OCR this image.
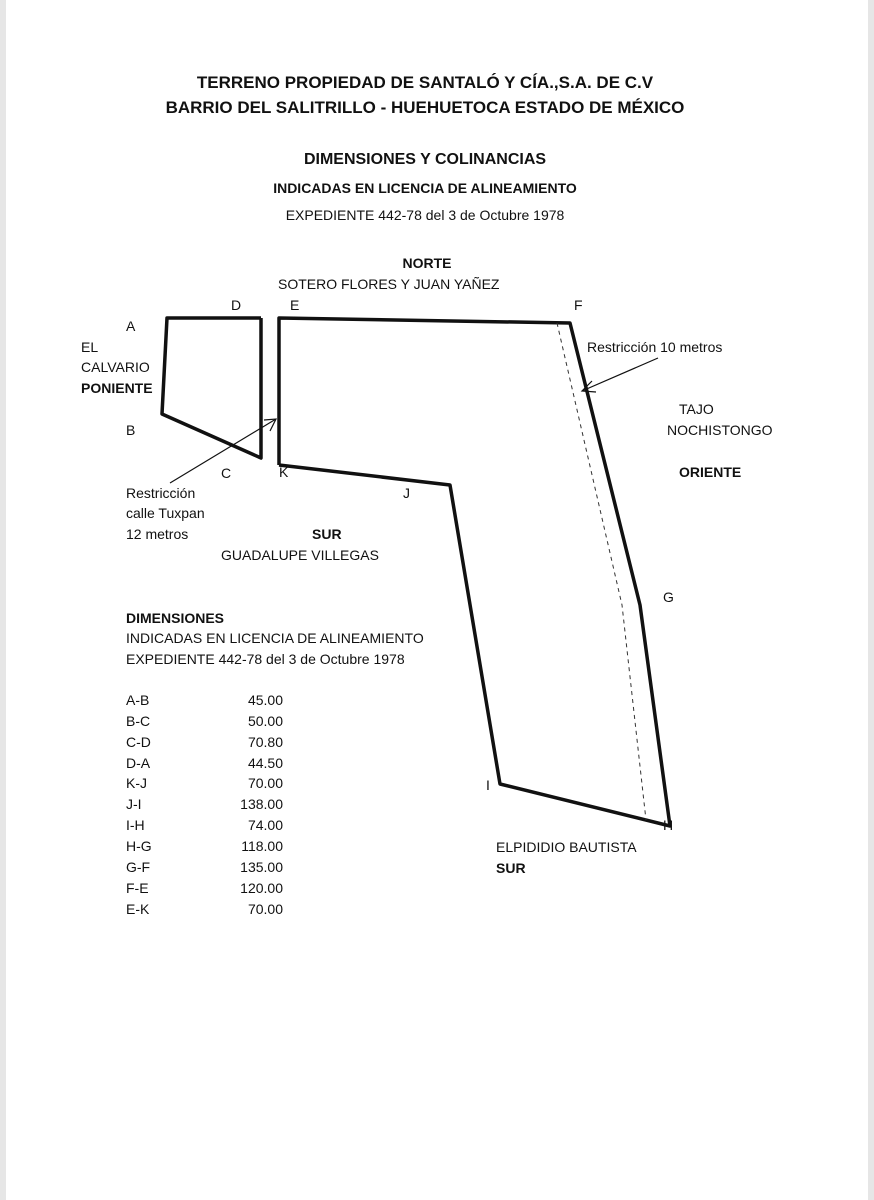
TERRENO PROPIEDAD DE SANTALÓ Y CÍA.,S.A. DE C.V
BARRIO DEL SALITRILLO - HUEHUETOCA ESTADO DE MÉXICO
DIMENSIONES Y COLINANCIAS
INDICADAS EN LICENCIA DE ALINEAMIENTO
EXPEDIENTE 442-78 del 3 de Octubre 1978
A
B
C
D	E	F
G
H
I
J
K
NORTE
SOTERO FLORES Y JUAN YAÑEZ
EL
CALVARIO
PONIENTE
TAJO
NOCHISTONGO
ORIENTE
Restricción 10 metros
Restricción
calle Tuxpan
12 metros	SUR
GUADALUPE VILLEGAS
ELPIDIDIO BAUTISTA
SUR
DIMENSIONES
INDICADAS EN LICENCIA DE ALINEAMIENTO
EXPEDIENTE 442-78 del 3 de Octubre 1978
A-B	45.00
B-C	50.00
C-D	70.80
D-A	44.50
K-J	70.00
J-I	138.00
I-H	74.00
H-G	118.00
G-F	135.00
F-E	120.00
E-K	70.00
